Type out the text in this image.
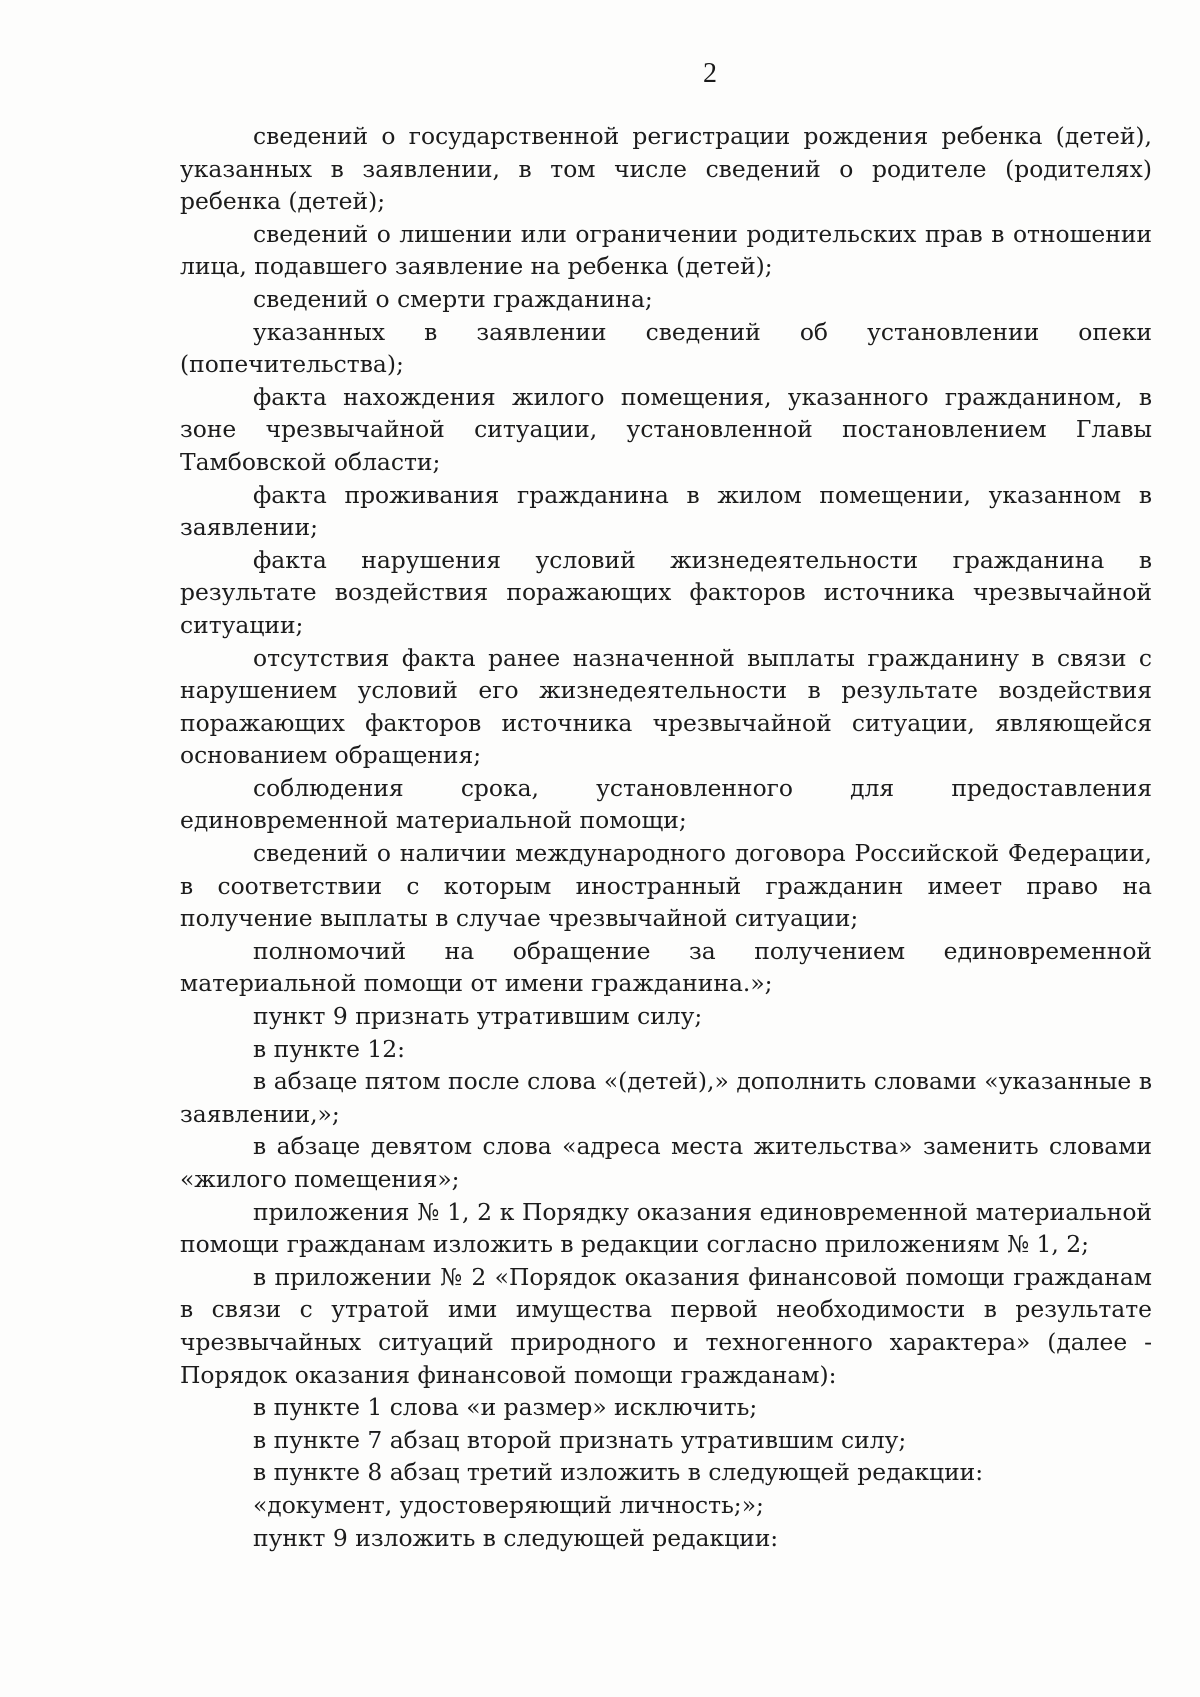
2

сведений о государственной регистрации рождения ребенка (детей), указанных в заявлении, в том числе сведений о родителе (родителях) ребенка (детей);

сведений о лишении или ограничении родительских прав в отношении лица, подавшего заявление на ребенка (детей);

сведений о смерти гражданина;

указанных в заявлении сведений об установлении опеки (попечительства);

факта нахождения жилого помещения, указанного гражданином, в зоне чрезвычайной ситуации, установленной постановлением Главы Тамбовской области;

факта проживания гражданина в жилом помещении, указанном в заявлении;

факта нарушения условий жизнедеятельности гражданина в результате воздействия поражающих факторов источника чрезвычайной ситуации;

отсутствия факта ранее назначенной выплаты гражданину в связи с нарушением условий его жизнедеятельности в результате воздействия поражающих факторов источника чрезвычайной ситуации, являющейся основанием обращения;

соблюдения срока, установленного для предоставления единовременной материальной помощи;

сведений о наличии международного договора Российской Федерации, в соответствии с которым иностранный гражданин имеет право на получение выплаты в случае чрезвычайной ситуации;

полномочий на обращение за получением единовременной материальной помощи от имени гражданина.»;

пункт 9 признать утратившим силу;

в пункте 12:

в абзаце пятом после слова «(детей),» дополнить словами «указанные в заявлении,»;

в абзаце девятом слова «адреса места жительства» заменить словами «жилого помещения»;

приложения № 1, 2 к Порядку оказания единовременной материальной помощи гражданам изложить в редакции согласно приложениям № 1, 2;

в приложении № 2 «Порядок оказания финансовой помощи гражданам в связи с утратой ими имущества первой необходимости в результате чрезвычайных ситуаций природного и техногенного характера» (далее - Порядок оказания финансовой помощи гражданам):

в пункте 1 слова «и размер» исключить;

в пункте 7 абзац второй признать утратившим силу;

в пункте 8 абзац третий изложить в следующей редакции:

«документ, удостоверяющий личность;»;

пункт 9 изложить в следующей редакции:
